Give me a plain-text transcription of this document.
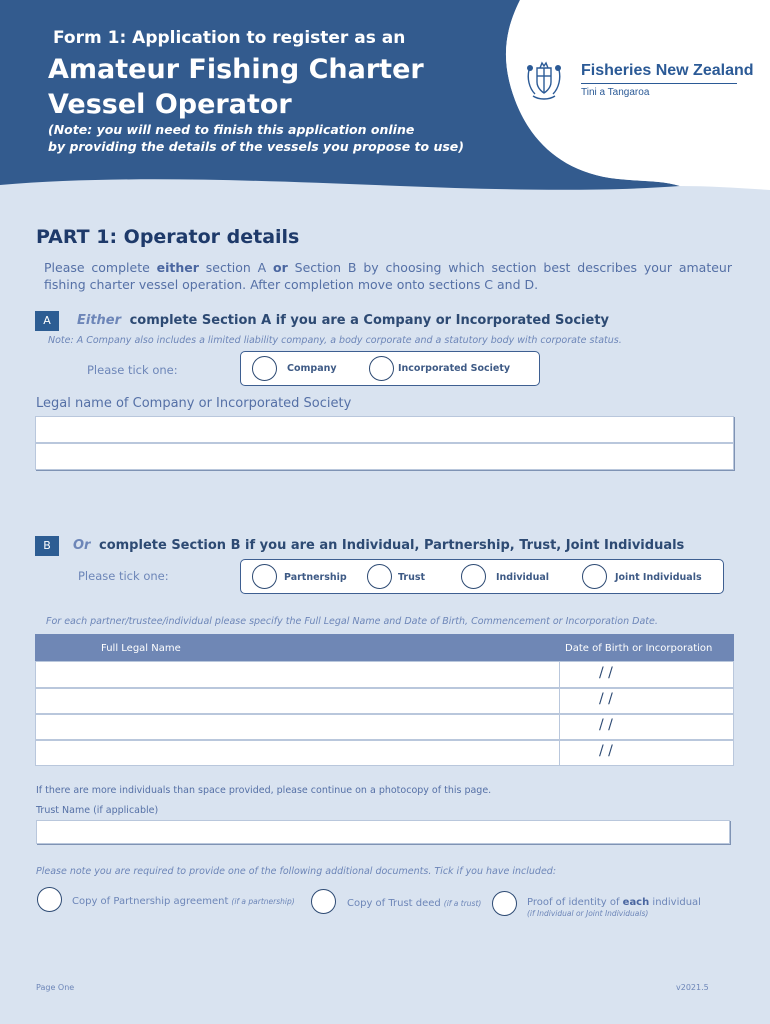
Form 1: Application to register as an
Amateur Fishing Charter
Vessel Operator
(Note: you will need to finish this application online
by providing the details of the vessels you propose to use)
Fisheries New Zealand
Tini a Tangaroa
PART 1: Operator details
Please complete either section A or Section B by choosing which section best describes your amateur fishing charter vessel operation. After completion move onto sections C and D.
A	Either complete Section A if you are a Company or Incorporated Society
Note: A Company also includes a limited liability company, a body corporate and a statutory body with corporate status.
Please tick one:	Company	Incorporated Society
Legal name of Company or Incorporated Society
B	Or complete Section B if you are an Individual, Partnership, Trust, Joint Individuals
Please tick one:	Partnership	Trust	Individual	Joint Individuals
For each partner/trustee/individual please specify the Full Legal Name and Date of Birth, Commencement or Incorporation Date.
Full Legal Name	Date of Birth or Incorporation
/ /
/ /
/ /
/ /
If there are more individuals than space provided, please continue on a photocopy of this page.
Trust Name (if applicable)
Please note you are required to provide one of the following additional documents. Tick if you have included:
Copy of Partnership agreement (if a partnership)	Copy of Trust deed (if a trust)	Proof of identity of each individual
(if Individual or Joint Individuals)
Page One	v2021.5
